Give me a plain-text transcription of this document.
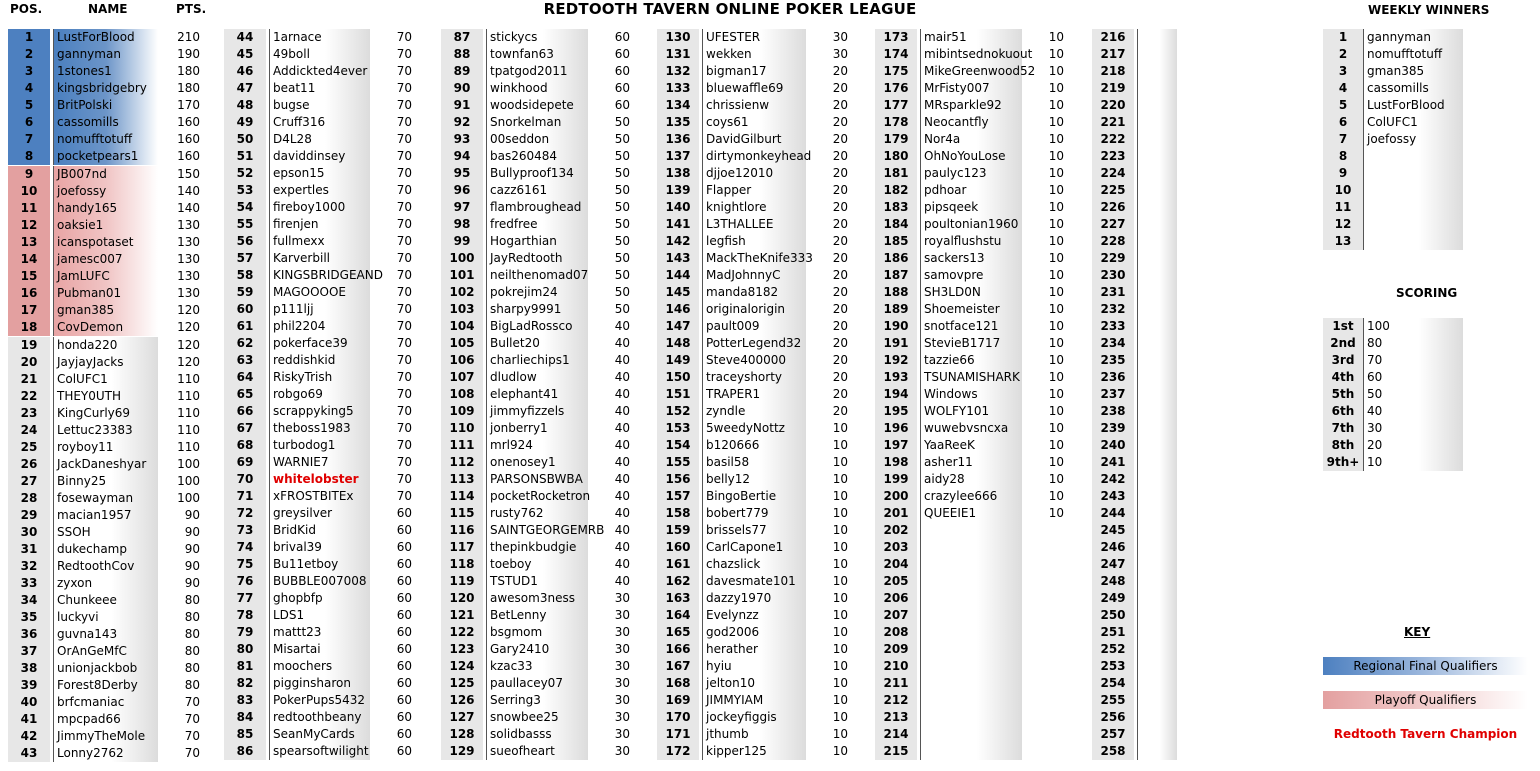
REDTOOTH TAVERN ONLINE POKER LEAGUE
POS.	NAME	PTS.
1	LustForBlood	210
2	gannyman	190
3	1stones1	180
4	kingsbridgebry	180
5	BritPolski	170
6	cassomills	160
7	nomufftotuff	160
8	pocketpears1	160
9	JB007nd	150
10	joefossy	140
11	handy165	140
12	oaksie1	130
13	icanspotaset	130
14	jamesc007	130
15	JamLUFC	130
16	Pubman01	130
17	gman385	120
18	CovDemon	120
19	honda220	120
20	JayjayJacks	120
21	ColUFC1	110
22	THEY0UTH	110
23	KingCurly69	110
24	Lettuc23383	110
25	royboy11	110
26	JackDaneshyar	100
27	Binny25	100
28	fosewayman	100
29	macian1957	90
30	SSOH	90
31	dukechamp	90
32	RedtoothCov	90
33	zyxon	90
34	Chunkeee	80
35	luckyvi	80
36	guvna143	80
37	OrAnGeMfC	80
38	unionjackbob	80
39	Forest8Derby	80
40	brfcmaniac	70
41	mpcpad66	70
42	JimmyTheMole	70
43	Lonny2762	70
44	1arnace	70
45	49boll	70
46	Addickted4ever	70
47	beat11	70
48	bugse	70
49	Cruff316	70
50	D4L28	70
51	daviddinsey	70
52	epson15	70
53	expertles	70
54	fireboy1000	70
55	firenjen	70
56	fullmexx	70
57	Karverbill	70
58	KINGSBRIDGEAND	70
59	MAGOOOOE	70
60	p111ljj	70
61	phil2204	70
62	pokerface39	70
63	reddishkid	70
64	RiskyTrish	70
65	robgo69	70
66	scrappyking5	70
67	theboss1983	70
68	turbodog1	70
69	WARNIE7	70
70	whitelobster	70
71	xFROSTBITEx	70
72	greysilver	60
73	BridKid	60
74	brival39	60
75	Bu11etboy	60
76	BUBBLE007008	60
77	ghopbfp	60
78	LDS1	60
79	mattt23	60
80	Misartai	60
81	moochers	60
82	pigginsharon	60
83	PokerPups5432	60
84	redtoothbeany	60
85	SeanMyCards	60
86	spearsoftwilight	60
87	stickycs	60
88	townfan63	60
89	tpatgod2011	60
90	winkhood	60
91	woodsidepete	60
92	Snorkelman	50
93	00seddon	50
94	bas260484	50
95	Bullyproof134	50
96	cazz6161	50
97	flambroughead	50
98	fredfree	50
99	Hogarthian	50
100	JayRedtooth	50
101	neilthenomad07	50
102	pokrejim24	50
103	sharpy9991	50
104	BigLadRossco	40
105	Bullet20	40
106	charliechips1	40
107	dludlow	40
108	elephant41	40
109	jimmyfizzels	40
110	jonberry1	40
111	mrl924	40
112	onenosey1	40
113	PARSONSBWBA	40
114	pocketRocketron	40
115	rusty762	40
116	SAINTGEORGEMRB 40
117	thepinkbudgie	40
118	toeboy	40
119	TSTUD1	40
120	awesom3ness	30
121	BetLenny	30
122	bsgmom	30
123	Gary2410	30
124	kzac33	30
125	paullacey07	30
126	Serring3	30
127	snowbee25	30
128	solidbasss	30
129	sueofheart	30
130	UFESTER	30
131	wekken	30
132	bigman17	20
133	bluewaffle69	20
134	chrissienw	20
135	coys61	20
136	DavidGilburt	20
137	dirtymonkeyhead	20
138	djjoe12010	20
139	Flapper	20
140	knightlore	20
141	L3THALLEE	20
142	legfish	20
143	MackTheKnife333	20
144	MadJohnnyC	20
145	manda8182	20
146	originalorigin	20
147	pault009	20
148	PotterLegend32	20
149	Steve400000	20
150	traceyshorty	20
151	TRAPER1	20
152	zyndle	20
153	5weedyNottz	10
154	b120666	10
155	basil58	10
156	belly12	10
157	BingoBertie	10
158	bobert779	10
159	brissels77	10
160	CarlCapone1	10
161	chazslick	10
162	davesmate101	10
163	dazzy1970	10
164	Evelynzz	10
165	god2006	10
166	herather	10
167	hyiu	10
168	jelton10	10
169	JIMMYIAM	10
170	jockeyfiggis	10
171	jthumb	10
172	kipper125	10
173	mair51	10
174	mibintsednokuout	10
175	MikeGreenwood52	10
176	MrFisty007	10
177	MRsparkle92	10
178	Neocantfly	10
179	Nor4a	10
180	OhNoYouLose	10
181	paulyc123	10
182	pdhoar	10
183	pipsqeek	10
184	poultonian1960	10
185	royalflushstu	10
186	sackers13	10
187	samovpre	10
188	SH3LD0N	10
189	Shoemeister	10
190	snotface121	10
191	StevieB1717	10
192	tazzie66	10
193	TSUNAMISHARK	10
194	Windows	10
195	WOLFY101	10
196	wuwebvsncxa	10
197	YaaReeK	10
198	asher11	10
199	aidy28	10
200	crazylee666	10
201	QUEEIE1	10
202
203
204
205
206
207
208
209
210
211
212
213
214
215
216
217
218
219
220
221
222
223
224
225
226
227
228
229
230
231
232
233
234
235
236
237
238
239
240
241
242
243
244
245
246
247
248
249
250
251
252
253
254
255
256
257
258
WEEKLY WINNERS
1	gannyman
2	nomufftotuff
3	gman385
4	cassomills
5	LustForBlood
6	ColUFC1
7	joefossy
8
9
10
11
12
13
SCORING
1st	100
2nd 80
3rd	70
4th	60
5th	50
6th	40
7th	30
8th	20
9th+ 10
KEY
Regional Final Qualifiers
Playoff Qualifiers
Redtooth Tavern Champion
